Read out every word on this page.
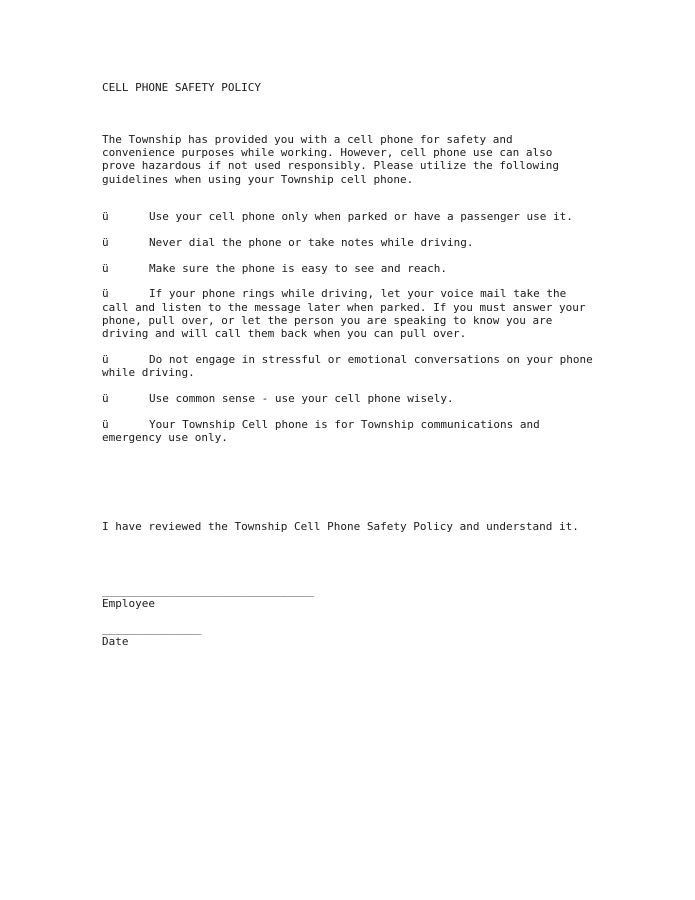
CELL PHONE SAFETY POLICY
The Township has provided you with a cell phone for safety and
convenience purposes while working. However, cell phone use can also
prove hazardous if not used responsibly. Please utilize the following
guidelines when using your Township cell phone.
ü	Use your cell phone only when parked or have a passenger use it.
ü	Never dial the phone or take notes while driving.
ü	Make sure the phone is easy to see and reach.
ü	If your phone rings while driving, let your voice mail take the call and listen to the message later when parked. If you must answer your phone, pull over, or let the person you are speaking to know you are driving and will call them back when you can pull over.
ü	Do not engage in stressful or emotional conversations on your phone while driving.
ü	Use common sense - use your cell phone wisely.
ü	Your Township Cell phone is for Township communications and emergency use only.
I have reviewed the Township Cell Phone Safety Policy and understand it.
________________________________
Employee
_______________
Date
